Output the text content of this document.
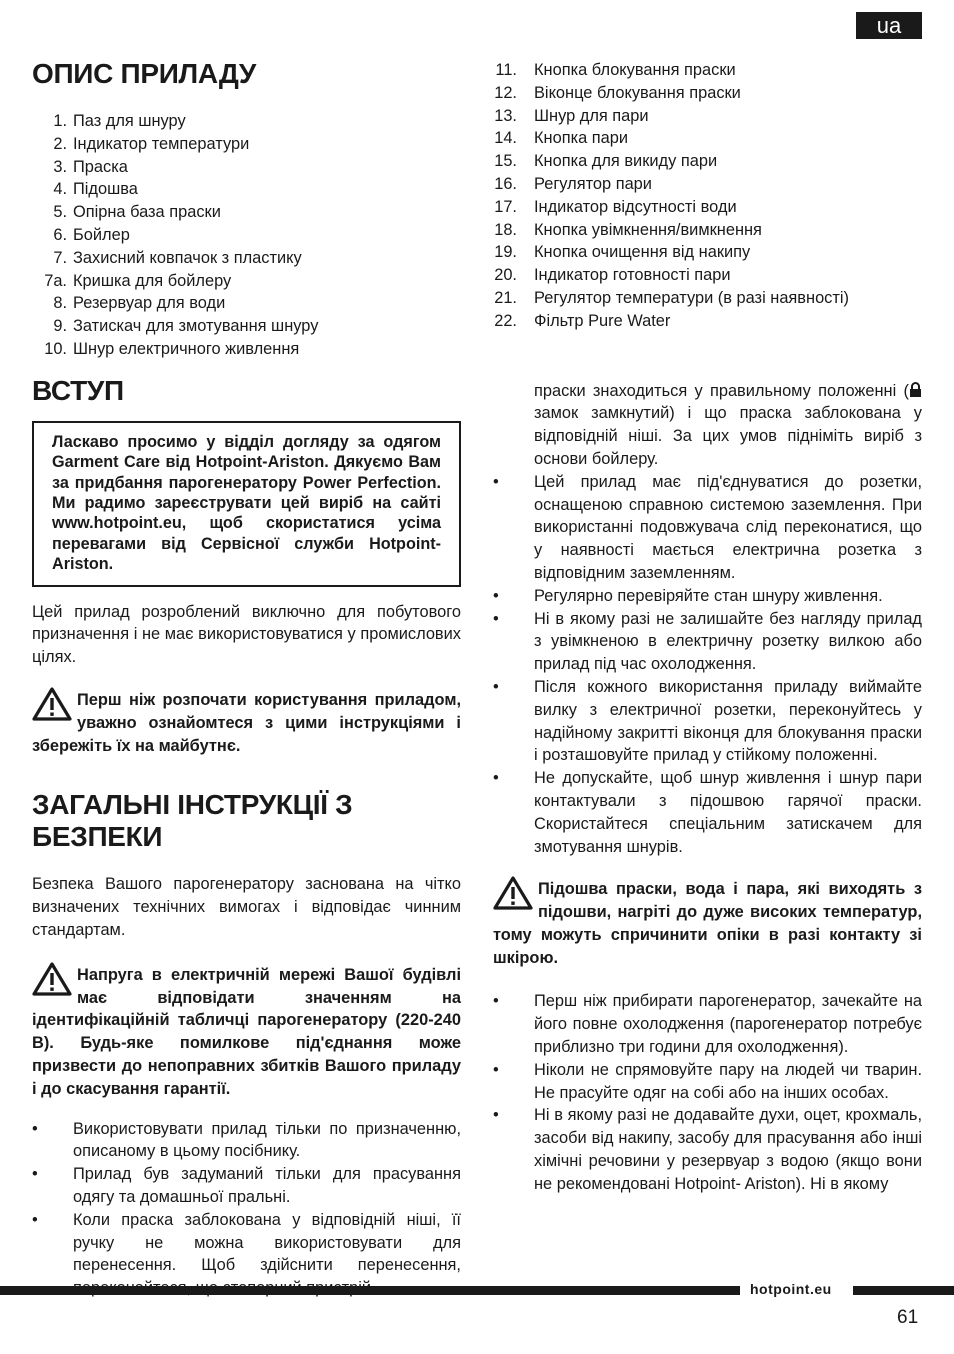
ua
ОПИС ПРИЛАДУ
1. Паз для шнуру
2. Індикатор температури
3. Праска
4. Підошва
5. Опірна база праски
6. Бойлер
7. Захисний ковпачок з пластику
7a. Кришка для бойлеру
8. Резервуар для води
9. Затискач для змотування шнуру
10. Шнур електричного живлення
ВСТУП
Ласкаво просимо у відділ догляду за одягом Garment Care від Hotpoint-Ariston. Дякуємо Вам за придбання парогенератору Power Perfection. Ми радимо зареєструвати цей виріб на сайті www.hotpoint.eu, щоб скористатися усіма перевагами від Сервісної служби Hotpoint-Ariston.

Цей прилад розроблений виключно для побутового призначення і не має використовуватися у промислових цілях.

Перш ніж розпочати користування приладом, уважно ознайомтеся з цими інструкціями і збережіть їх на майбутнє.
ЗАГАЛЬНІ ІНСТРУКЦІЇ З
БЕЗПЕКИ

Безпека Вашого парогенератору заснована на чітко визначених технічних вимогах і відповідає чинним стандартам.

Напруга в електричній мережі Вашої будівлі має відповідати значенням на ідентифікаційній табличці парогенератору (220-240 В). Будь-яке помилкове під'єднання може призвести до непоправних збитків Вашого приладу і до скасування гарантії.
• Використовувати прилад тільки по призначенню, описаному в цьому посібнику.
• Прилад був задуманий тільки для прасування одягу та домашньої пральні.
• Коли праска заблокована у відповідній ніші, її ручку не можна використовувати для перенесення. Щоб здійснити перенесення,
11. Кнопка блокування праски
12. Віконце блокування праски
13. Шнур для пари
14. Кнопка пари
15. Кнопка для викиду пари
16. Регулятор пари
17. Індикатор відсутності води
18. Кнопка увімкнення/вимкнення
19. Кнопка очищення від накипу
20. Індикатор готовності пари
21. Регулятор температури (в разі наявності)
22. Фільтр Pure Water

праски знаходиться у правильному положенні ( замок замкнутий) і що праска заблокована у відповідній ніші. За цих умов підніміть виріб з основи бойлеру.

• Цей прилад має під'єднуватися до розетки, оснащеною справною системою заземлення. При використанні подовжувача слід переконатися, що у наявності мається електрична розетка з відповідним заземленням.
• Регулярно перевіряйте стан шнуру живлення.
• Ні в якому разі не залишайте без нагляду прилад з увімкненою в електричну розетку вилкою або прилад під час охолодження.
• Після кожного використання приладу виймайте вилку з електричної розетки, переконуйтесь у надійному закритті віконця для блокування праски і розташовуйте прилад у стійкому положенні.
• Не допускайте, щоб шнур живлення і шнур пари контактували з підошвою гарячої праски. Скористайтеся спеціальним затискачем для змотування шнурів.
Підошва праски, вода і пара, які виходять з підошви, нагріті до дуже високих температур, тому можуть спричинити опіки в разі контакту зі шкірою.
• Перш ніж прибирати парогенератор, зачекайте на його повне охолодження (парогенератор потребує приблизно три години для охолодження).
• Ніколи не спрямовуйте пару на людей чи тварин. Не прасуйте одяг на собі або на інших особах.
• Ні в якому разі не додавайте духи, оцет, крохмаль, засоби від накипу, засобу для прасування або інші хімічні речовини у резервуар з водою (якщо вони не рекомендовані Hotpoint- Ariston). Ні в якому
hotpoint.eu
61
